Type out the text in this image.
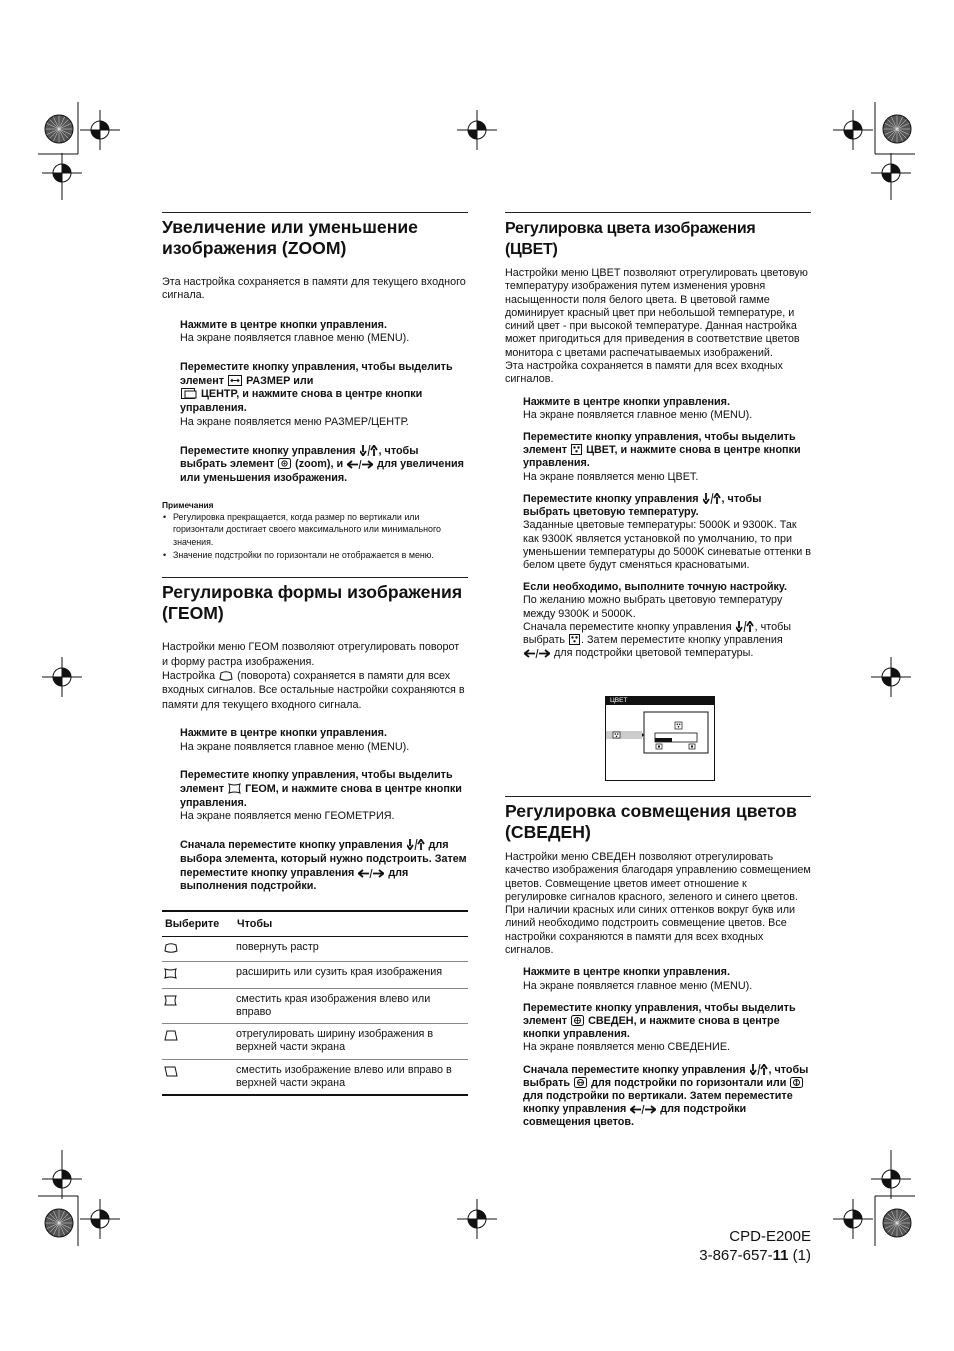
Увеличение или уменьшение изображения (ZOOM)

Эта настройка сохраняется в памяти для текущего входного сигнала.

Нажмите в центре кнопки управления.

На экране появляется главное меню (MENU).

Переместите кнопку управления, чтобы выделить элемент РАЗМЕР или
ЦЕНТР, и нажмите снова в центре кнопки управления.

На экране появляется меню РАЗМЕР/ЦЕНТР.

Переместите кнопку управления , чтобы выбрать элемент (zoom), и	для увеличения или уменьшения изображения.

Примечания

• Регулировка прекращается, когда размер по вертикали или горизонтали достигает своего максимального или минимального значения.
• Значение подстройки по горизонтали не отображается в меню.
Регулировка формы изображения (ГЕОМ)

Настройки меню ГЕОМ позволяют отрегулировать поворот и форму растра изображения.

Настройка (поворота) сохраняется в памяти для всех входных сигналов. Все остальные настройки сохраняются в памяти для текущего входного сигнала.

Нажмите в центре кнопки управления.

На экране появляется главное меню (MENU).

Переместите кнопку управления, чтобы выделить элемент ГЕОМ, и нажмите снова в центре кнопки управления.

На экране появляется меню ГЕОМЕТРИЯ.

Сначала переместите кнопку управления для выбора элемента, который нужно подстроить. Затем переместите кнопку управления	для выполнения подстройки.

Выберите	Чтобы
	повернуть растр
	расширить или сузить края изображения
	сместить края изображения влево или вправо
	отрегулировать ширину изображения в верхней части экрана
	сместить изображение влево или вправо в верхней части экрана
Регулировка цвета изображения (ЦВЕТ)

Настройки меню ЦВЕТ позволяют отрегулировать цветовую температуру изображения путем изменения уровня насыщенности поля белого цвета. В цветовой гамме доминирует красный цвет при небольшой температуре, и синий цвет - при высокой температуре. Данная настройка может пригодиться для приведения в соответствие цветов монитора с цветами распечатываемых изображений.

Эта настройка сохраняется в памяти для всех входных сигналов.

Нажмите в центре кнопки управления.

На экране появляется главное меню (MENU).

Переместите кнопку управления, чтобы выделить элемент ЦВЕТ, и нажмите снова в центре кнопки управления.

На экране появляется меню ЦВЕТ.

Переместите кнопку управления , чтобы выбрать цветовую температуру.

Заданные цветовые температуры: 5000K и 9300K. Так как 9300K является установкой по умолчанию, то при уменьшении температуры до 5000K синеватые оттенки в белом цвете будут сменяться красноватыми.

Если необходимо, выполните точную настройку.

По желанию можно выбрать цветовую температуру между 9300K и 5000K.

Сначала переместите кнопку управления , чтобы выбрать . Затем переместите кнопку управления  для подстройки цветовой температуры.

Регулировка совмещения цветов (СВЕДЕН)

Настройки меню СВЕДЕН позволяют отрегулировать качество изображения благодаря управлению совмещением цветов. Совмещение цветов имеет отношение к регулировке сигналов красного, зеленого и синего цветов.

При наличии красных или синих оттенков вокруг букв или линий необходимо подстроить совмещение цветов. Все настройки сохраняются в памяти для всех входных сигналов.

Нажмите в центре кнопки управления.

На экране появляется главное меню (MENU).

Переместите кнопку управления, чтобы выделить элемент СВЕДЕН, и нажмите снова в центре кнопки управления.

На экране появляется меню СВЕДЕНИЕ.

Сначала переместите кнопку управления , чтобы выбрать для подстройки по горизонтали или  для подстройки по вертикали. Затем переместите кнопку управления	для подстройки совмещения цветов.

ЦВЕТ
CPD-E200E
3-867-657-11 (1)
